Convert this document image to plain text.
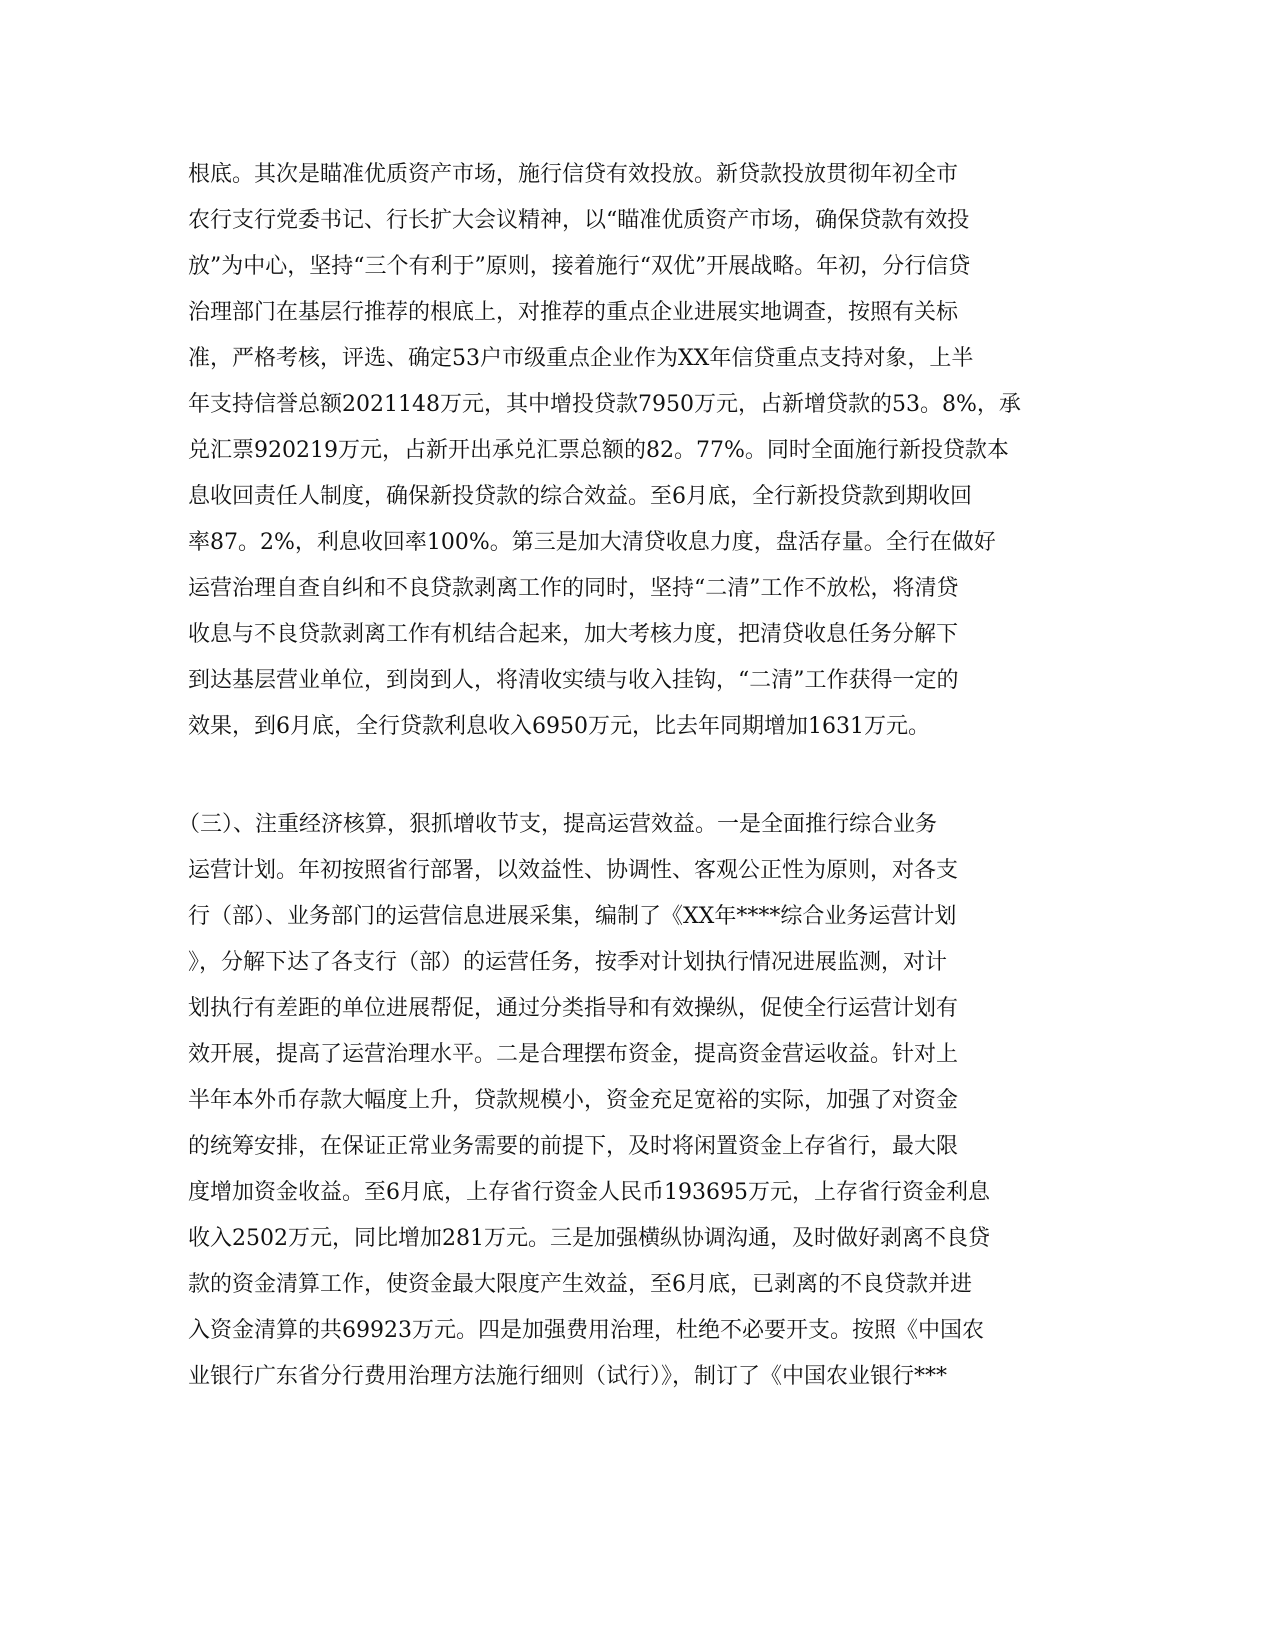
根底。其次是瞄准优质资产市场，施行信贷有效投放。新贷款投放贯彻年初全市
农行支行党委书记、行长扩大会议精神，以“瞄准优质资产市场，确保贷款有效投
放”为中心，坚持“三个有利于”原则，接着施行“双优”开展战略。年初，分行信贷
治理部门在基层行推荐的根底上，对推荐的重点企业进展实地调查，按照有关标
准，严格考核，评选、确定53户市级重点企业作为XX年信贷重点支持对象，上半
年支持信誉总额2021148万元，其中增投贷款7950万元，占新增贷款的53。8%，承
兑汇票920219万元，占新开出承兑汇票总额的82。77%。同时全面施行新投贷款本
息收回责任人制度，确保新投贷款的综合效益。至6月底，全行新投贷款到期收回
率87。2%，利息收回率100%。第三是加大清贷收息力度，盘活存量。全行在做好
运营治理自查自纠和不良贷款剥离工作的同时，坚持“二清”工作不放松，将清贷
收息与不良贷款剥离工作有机结合起来，加大考核力度，把清贷收息任务分解下
到达基层营业单位，到岗到人，将清收实绩与收入挂钩，“二清”工作获得一定的
效果，到6月底，全行贷款利息收入6950万元，比去年同期增加1631万元。
（三）、注重经济核算，狠抓增收节支，提高运营效益。一是全面推行综合业务
运营计划。年初按照省行部署，以效益性、协调性、客观公正性为原则，对各支
行（部）、业务部门的运营信息进展采集，编制了《XX年****综合业务运营计划
》，分解下达了各支行（部）的运营任务，按季对计划执行情况进展监测，对计
划执行有差距的单位进展帮促，通过分类指导和有效操纵，促使全行运营计划有
效开展，提高了运营治理水平。二是合理摆布资金，提高资金营运收益。针对上
半年本外币存款大幅度上升，贷款规模小，资金充足宽裕的实际，加强了对资金
的统筹安排，在保证正常业务需要的前提下，及时将闲置资金上存省行，最大限
度增加资金收益。至6月底，上存省行资金人民币193695万元，上存省行资金利息
收入2502万元，同比增加281万元。三是加强横纵协调沟通，及时做好剥离不良贷
款的资金清算工作，使资金最大限度产生效益，至6月底，已剥离的不良贷款并进
入资金清算的共69923万元。四是加强费用治理，杜绝不必要开支。按照《中国农
业银行广东省分行费用治理方法施行细则（试行）》，制订了《中国农业银行***
